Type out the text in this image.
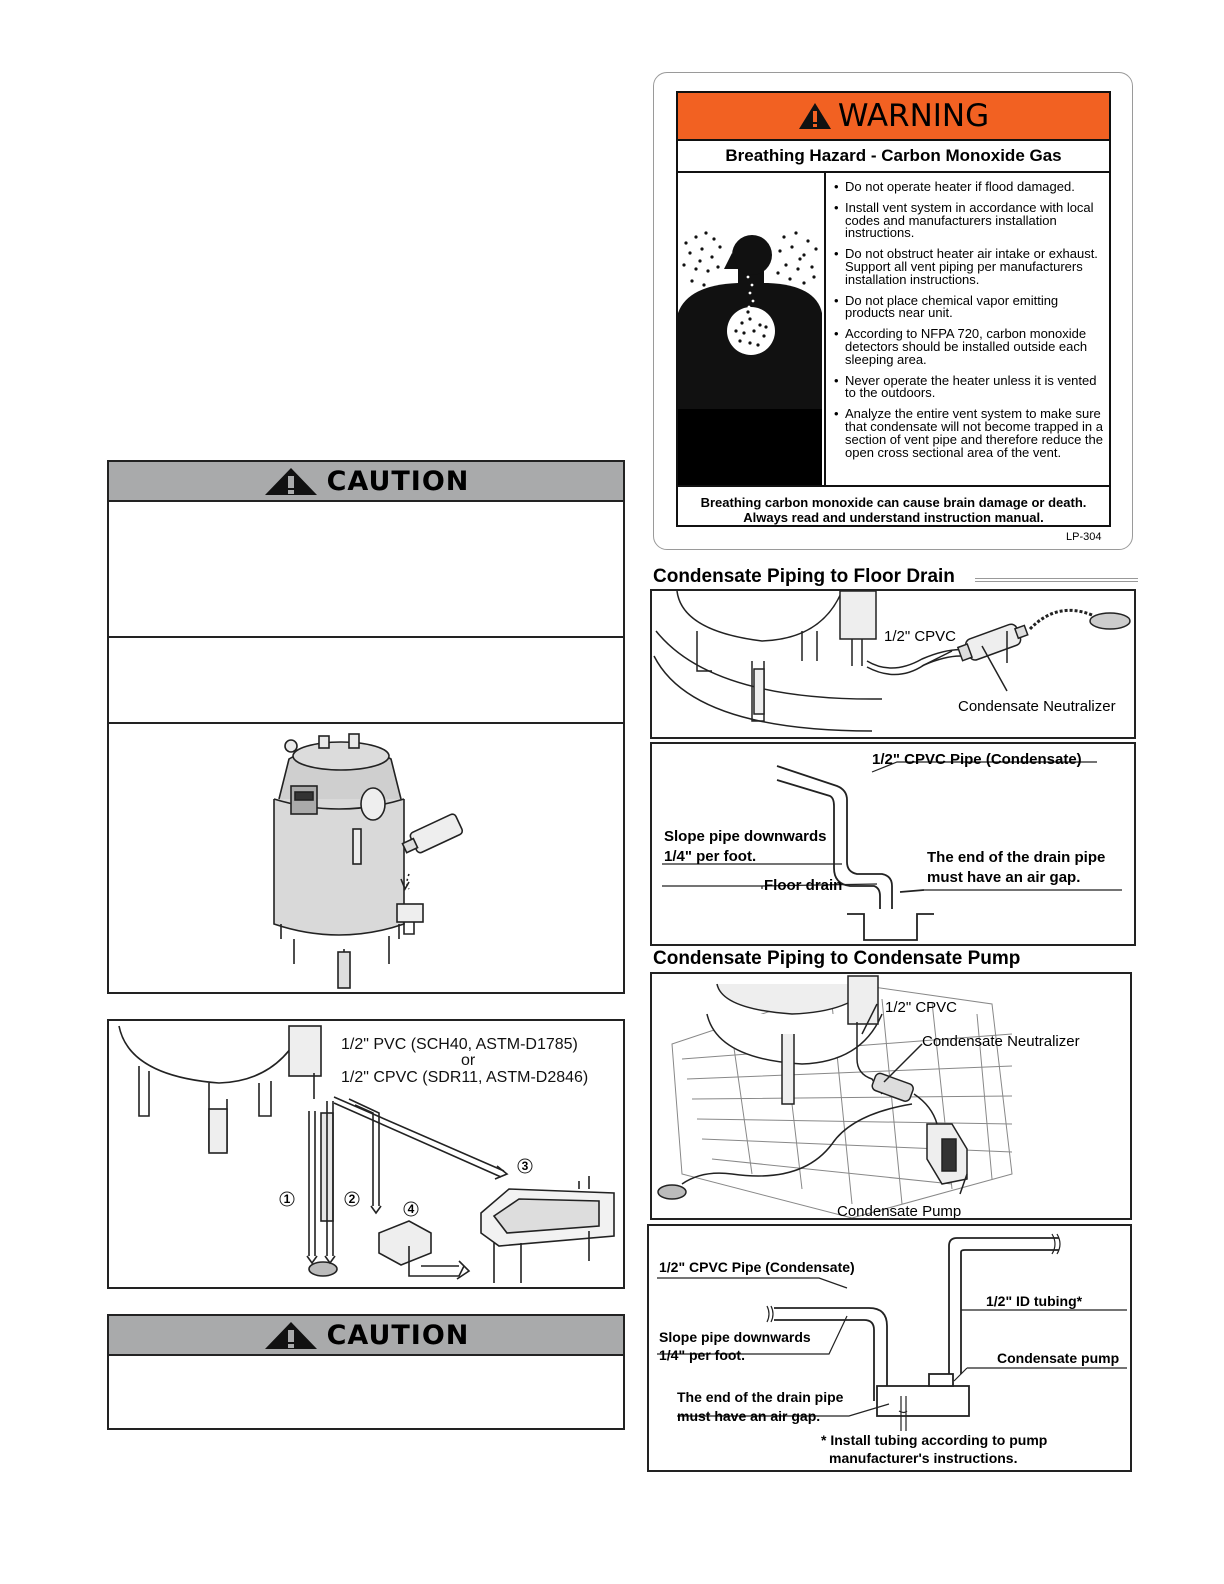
CAUTION
1/2" PVC (SCH40, ASTM-D1785)
or
1/2" CPVC (SDR11, ASTM-D2846)
1	2
3
4
CAUTION
WARNING
Breathing Hazard - Carbon Monoxide Gas
• Do not operate heater if flood damaged.
• Install vent system in accordance with local codes and manufacturers installation instructions.
• Do not obstruct heater air intake or exhaust. Support all vent piping per manufacturers installation instructions.
• Do not place chemical vapor emitting products near unit.
• According to NFPA 720, carbon monoxide detectors should be installed outside each sleeping area.
• Never operate the heater unless it is vented to the outdoors.
• Analyze the entire vent system to make sure that condensate will not become trapped in a section of vent pipe and therefore reduce the open cross sectional area of the vent.
Breathing carbon monoxide can cause brain damage or death.
Always read and understand instruction manual.
LP-304
Condensate Piping to Floor Drain
1/2" CPVC
Condensate Neutralizer
1/2" CPVC Pipe (Condensate)
Slope pipe downwards
1/4" per foot.
Floor drain
The end of the drain pipe
must have an air gap.
Condensate Piping to Condensate Pump
1/2" CPVC
Condensate Neutralizer
Condensate Pump
1/2" CPVC Pipe (Condensate)
1/2" ID tubing*
Slope pipe downwards
1/4" per foot.	Condensate pump
The end of the drain pipe
must have an air gap.
* Install tubing according to pump
manufacturer's instructions.
